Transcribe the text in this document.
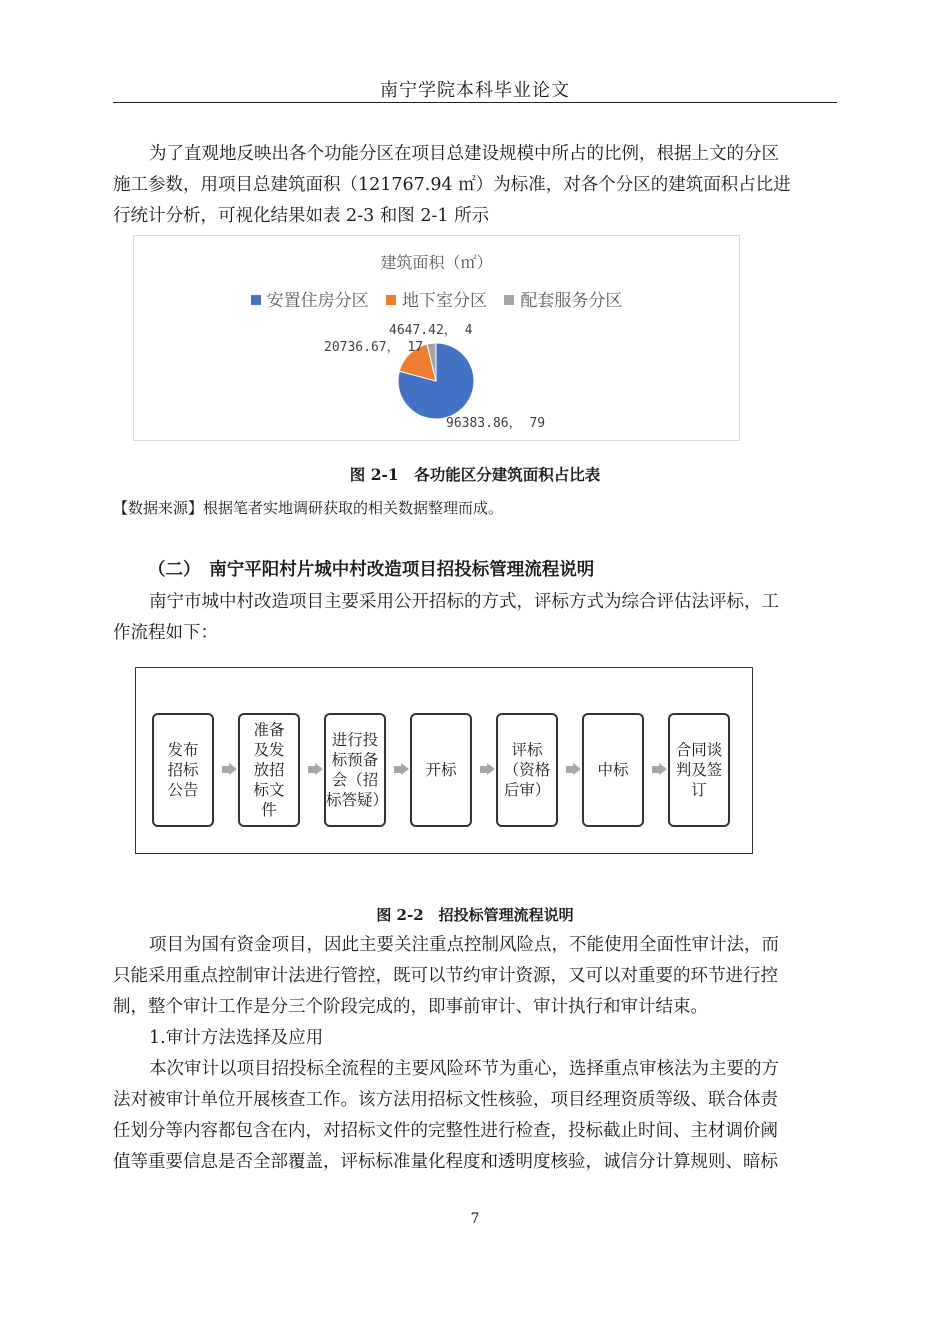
南宁学院本科毕业论文

为了直观地反映出各个功能分区在项目总建设规模中所占的比例，根据上文的分区

施工参数，用项目总建筑面积（121767.94 ㎡）为标准，对各个分区的建筑面积占比进

行统计分析，可视化结果如表 2-3 和图 2-1 所示

建筑面积（㎡）
安置住房分区 地下室分区 配套服务分区
4647.42， 4
20736.67， 17
96383.86， 79
图 2-1　各功能区分建筑面积占比表
【数据来源】根据笔者实地调研获取的相关数据整理而成。
（二）　南宁平阳村片城中村改造项目招投标管理流程说明

南宁市城中村改造项目主要采用公开招标的方式，评标方式为综合评估法评标，工

作流程如下：

发布
招标
公告
准备
及发
放招
标文
件
进行投
标预备
会（招
标答疑）
开标
评标
（资格
后审）
中标
合同谈
判及签
订
图 2-2　招投标管理流程说明

项目为国有资金项目，因此主要关注重点控制风险点，不能使用全面性审计法，而

只能采用重点控制审计法进行管控，既可以节约审计资源，又可以对重要的环节进行控

制，整个审计工作是分三个阶段完成的，即事前审计、审计执行和审计结束。

1.审计方法选择及应用

本次审计以项目招投标全流程的主要风险环节为重心，选择重点审核法为主要的方

法对被审计单位开展核查工作。该方法用招标文性核验，项目经理资质等级、联合体责

任划分等内容都包含在内，对招标文件的完整性进行检查，投标截止时间、主材调价阈

值等重要信息是否全部覆盖，评标标准量化程度和透明度核验，诚信分计算规则、暗标

7
